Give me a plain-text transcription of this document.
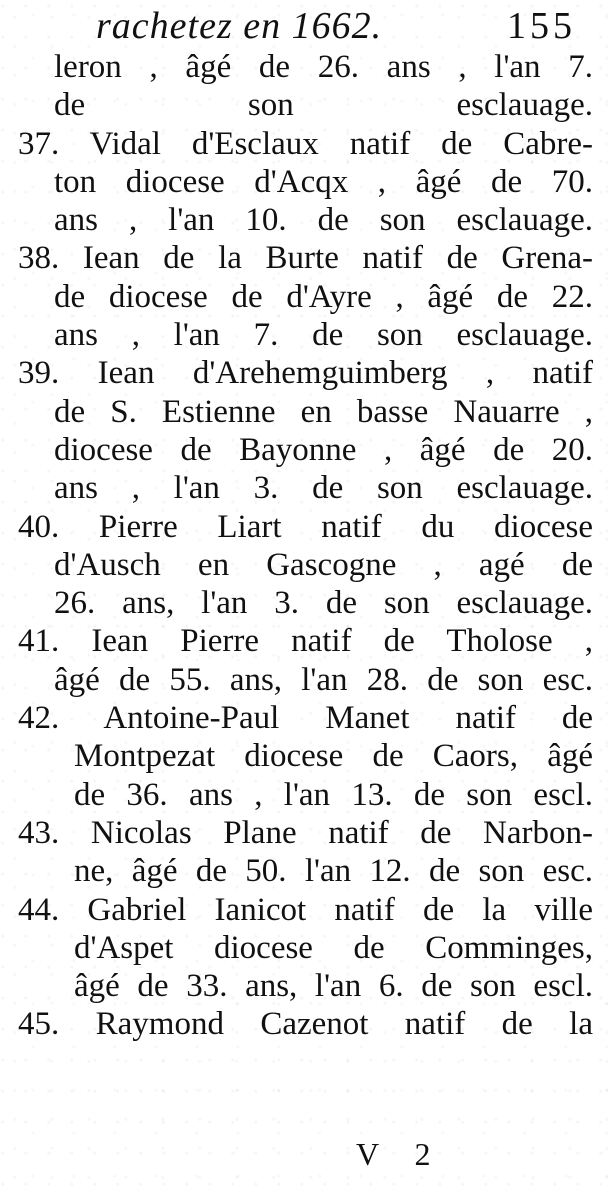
rachetez en 1662.	155
leron , âgé de 26. ans , l'an 7.
de son esclauage.
37. Vidal d'Esclaux natif de Cabre-
ton diocese d'Acqx , âgé de 70.
ans , l'an 10. de son esclauage.
38. Iean de la Burte natif de Grena-
de diocese de d'Ayre , âgé de 22.
ans , l'an 7. de son esclauage.
39. Iean d'Arehemguimberg , natif
de S. Estienne en basse Nauarre ,
diocese de Bayonne , âgé de 20.
ans , l'an 3. de son esclauage.
40. Pierre Liart natif du diocese
d'Ausch en Gascogne , agé de
26. ans, l'an 3. de son esclauage.
41. Iean Pierre natif de Tholose ,
âgé de 55. ans, l'an 28. de son esc.
42. Antoine-Paul Manet natif de
Montpezat diocese de Caors, âgé
de 36. ans , l'an 13. de son escl.
43. Nicolas Plane natif de Narbon-
ne, âgé de 50. l'an 12. de son esc.
44. Gabriel Ianicot natif de la ville
d'Aspet diocese de Comminges,
âgé de 33. ans, l'an 6. de son escl.
45. Raymond Cazenot natif de la
V 2
